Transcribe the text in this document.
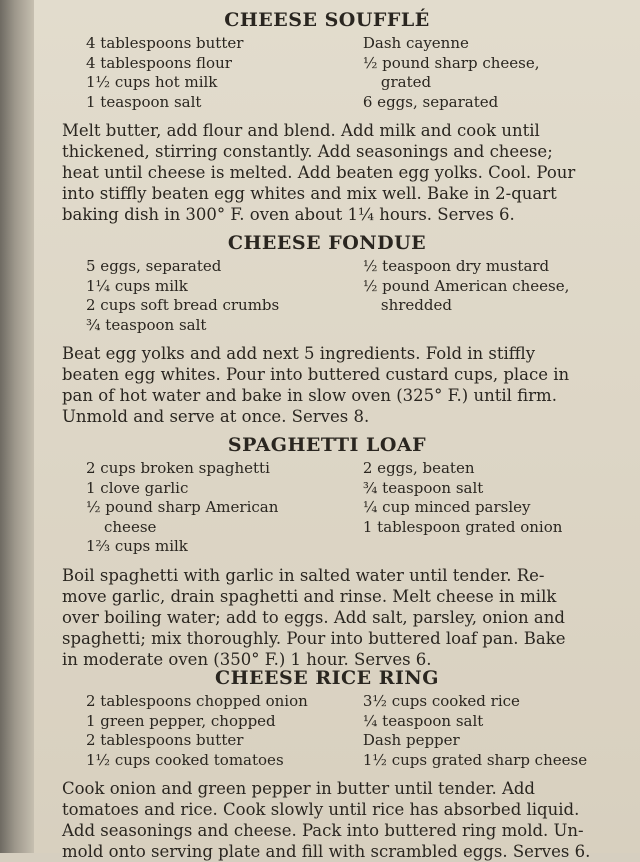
CHEESE SOUFFLÉ
4 tablespoons butter
4 tablespoons flour
1½ cups hot milk
1 teaspoon salt
Dash cayenne
½ pound sharp cheese,
grated
6 eggs, separated

Melt butter, add flour and blend. Add milk and cook until
thickened, stirring constantly. Add seasonings and cheese;
heat until cheese is melted. Add beaten egg yolks. Cool. Pour
into stiffly beaten egg whites and mix well. Bake in 2-quart
baking dish in 300° F. oven about 1¼ hours. Serves 6.

CHEESE FONDUE
5 eggs, separated
1¼ cups milk
2 cups soft bread crumbs
¾ teaspoon salt
½ teaspoon dry mustard
½ pound American cheese,
shredded

Beat egg yolks and add next 5 ingredients. Fold in stiffly
beaten egg whites. Pour into buttered custard cups, place in
pan of hot water and bake in slow oven (325° F.) until firm.
Unmold and serve at once. Serves 8.

SPAGHETTI LOAF
2 cups broken spaghetti
1 clove garlic
½ pound sharp American
cheese
1⅔ cups milk
2 eggs, beaten
¾ teaspoon salt
¼ cup minced parsley
1 tablespoon grated onion

Boil spaghetti with garlic in salted water until tender. Re-
move garlic, drain spaghetti and rinse. Melt cheese in milk
over boiling water; add to eggs. Add salt, parsley, onion and
spaghetti; mix thoroughly. Pour into buttered loaf pan. Bake
in moderate oven (350° F.) 1 hour. Serves 6.

CHEESE RICE RING
2 tablespoons chopped onion
1 green pepper, chopped
2 tablespoons butter
1½ cups cooked tomatoes
3½ cups cooked rice
¼ teaspoon salt
Dash pepper
1½ cups grated sharp cheese

Cook onion and green pepper in butter until tender. Add
tomatoes and rice. Cook slowly until rice has absorbed liquid.
Add seasonings and cheese. Pack into buttered ring mold. Un-
mold onto serving plate and fill with scrambled eggs. Serves 6.
